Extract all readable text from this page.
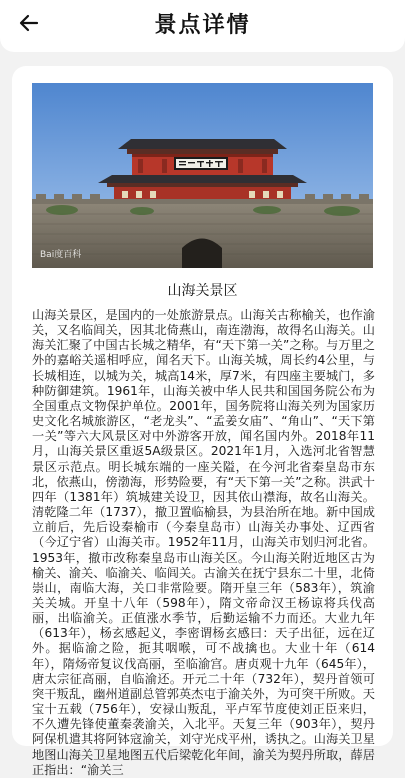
景点详情
Bai度百科
山海关景区
山海关景区，是国内的一处旅游景点。山海关古称榆关，也作渝关，又名临闾关，因其北倚燕山，南连渤海，故得名山海关。山海关汇聚了中国古长城之精华，有“天下第一关”之称。与万里之外的嘉峪关遥相呼应，闻名天下。山海关城，周长约4公里，与长城相连，以城为关，城高14米，厚7米，有四座主要城门，多种防御建筑。1961年，山海关被中华人民共和国国务院公布为全国重点文物保护单位。2001年，国务院将山海关列为国家历史文化名城旅游区，“老龙头”、“孟姜女庙”、“角山”、“天下第一关”等六大风景区对中外游客开放，闻名国内外。2018年11月，山海关景区重返5A级景区。2021年1月，入选河北省智慧景区示范点。明长城东端的一座关隘，在今河北省秦皇岛市东北，依燕山，傍渤海，形势险要，有“天下第一关”之称。洪武十四年（1381年）筑城建关设卫，因其依山襟海，故名山海关。清乾隆二年（1737），撤卫置临榆县，为县治所在地。新中国成立前后，先后设秦榆市（今秦皇岛市）山海关办事处、辽西省（今辽宁省）山海关市。1952年11月，山海关市划归河北省。1953年，撤市改称秦皇岛市山海关区。今山海关附近地区古为榆关、渝关、临渝关、临闾关。古渝关在抚宁县东二十里，北倚崇山，南临大海，关口非常险要。隋开皇三年（583年），筑渝关关城。开皇十八年（598年），隋文帝命汉王杨谅将兵伐高丽，出临渝关。正值涨水季节，后勤运输不力而还。大业九年（613年），杨玄感起义，李密谓杨玄感曰：天子出征，远在辽外。据临渝之险，扼其咽喉，可不战擒也。大业十年（614年），隋炀帝复议伐高丽，至临渝宫。唐贞观十九年（645年），唐太宗征高丽，自临渝还。开元二十年（732年），契丹首领可突干叛乱，幽州道副总管郭英杰屯于渝关外，为可突干所败。天宝十五载（756年），安禄山叛乱，平卢军节度使刘正臣来归，不久遭先锋使董秦袭渝关，入北平。天复三年（903年），契丹阿保机遣其将阿钵寇渝关，刘守光戍平州，诱执之。山海关卫星地图山海关卫星地图五代后梁乾化年间，渝关为契丹所取，薛居正指出：“渝关三
